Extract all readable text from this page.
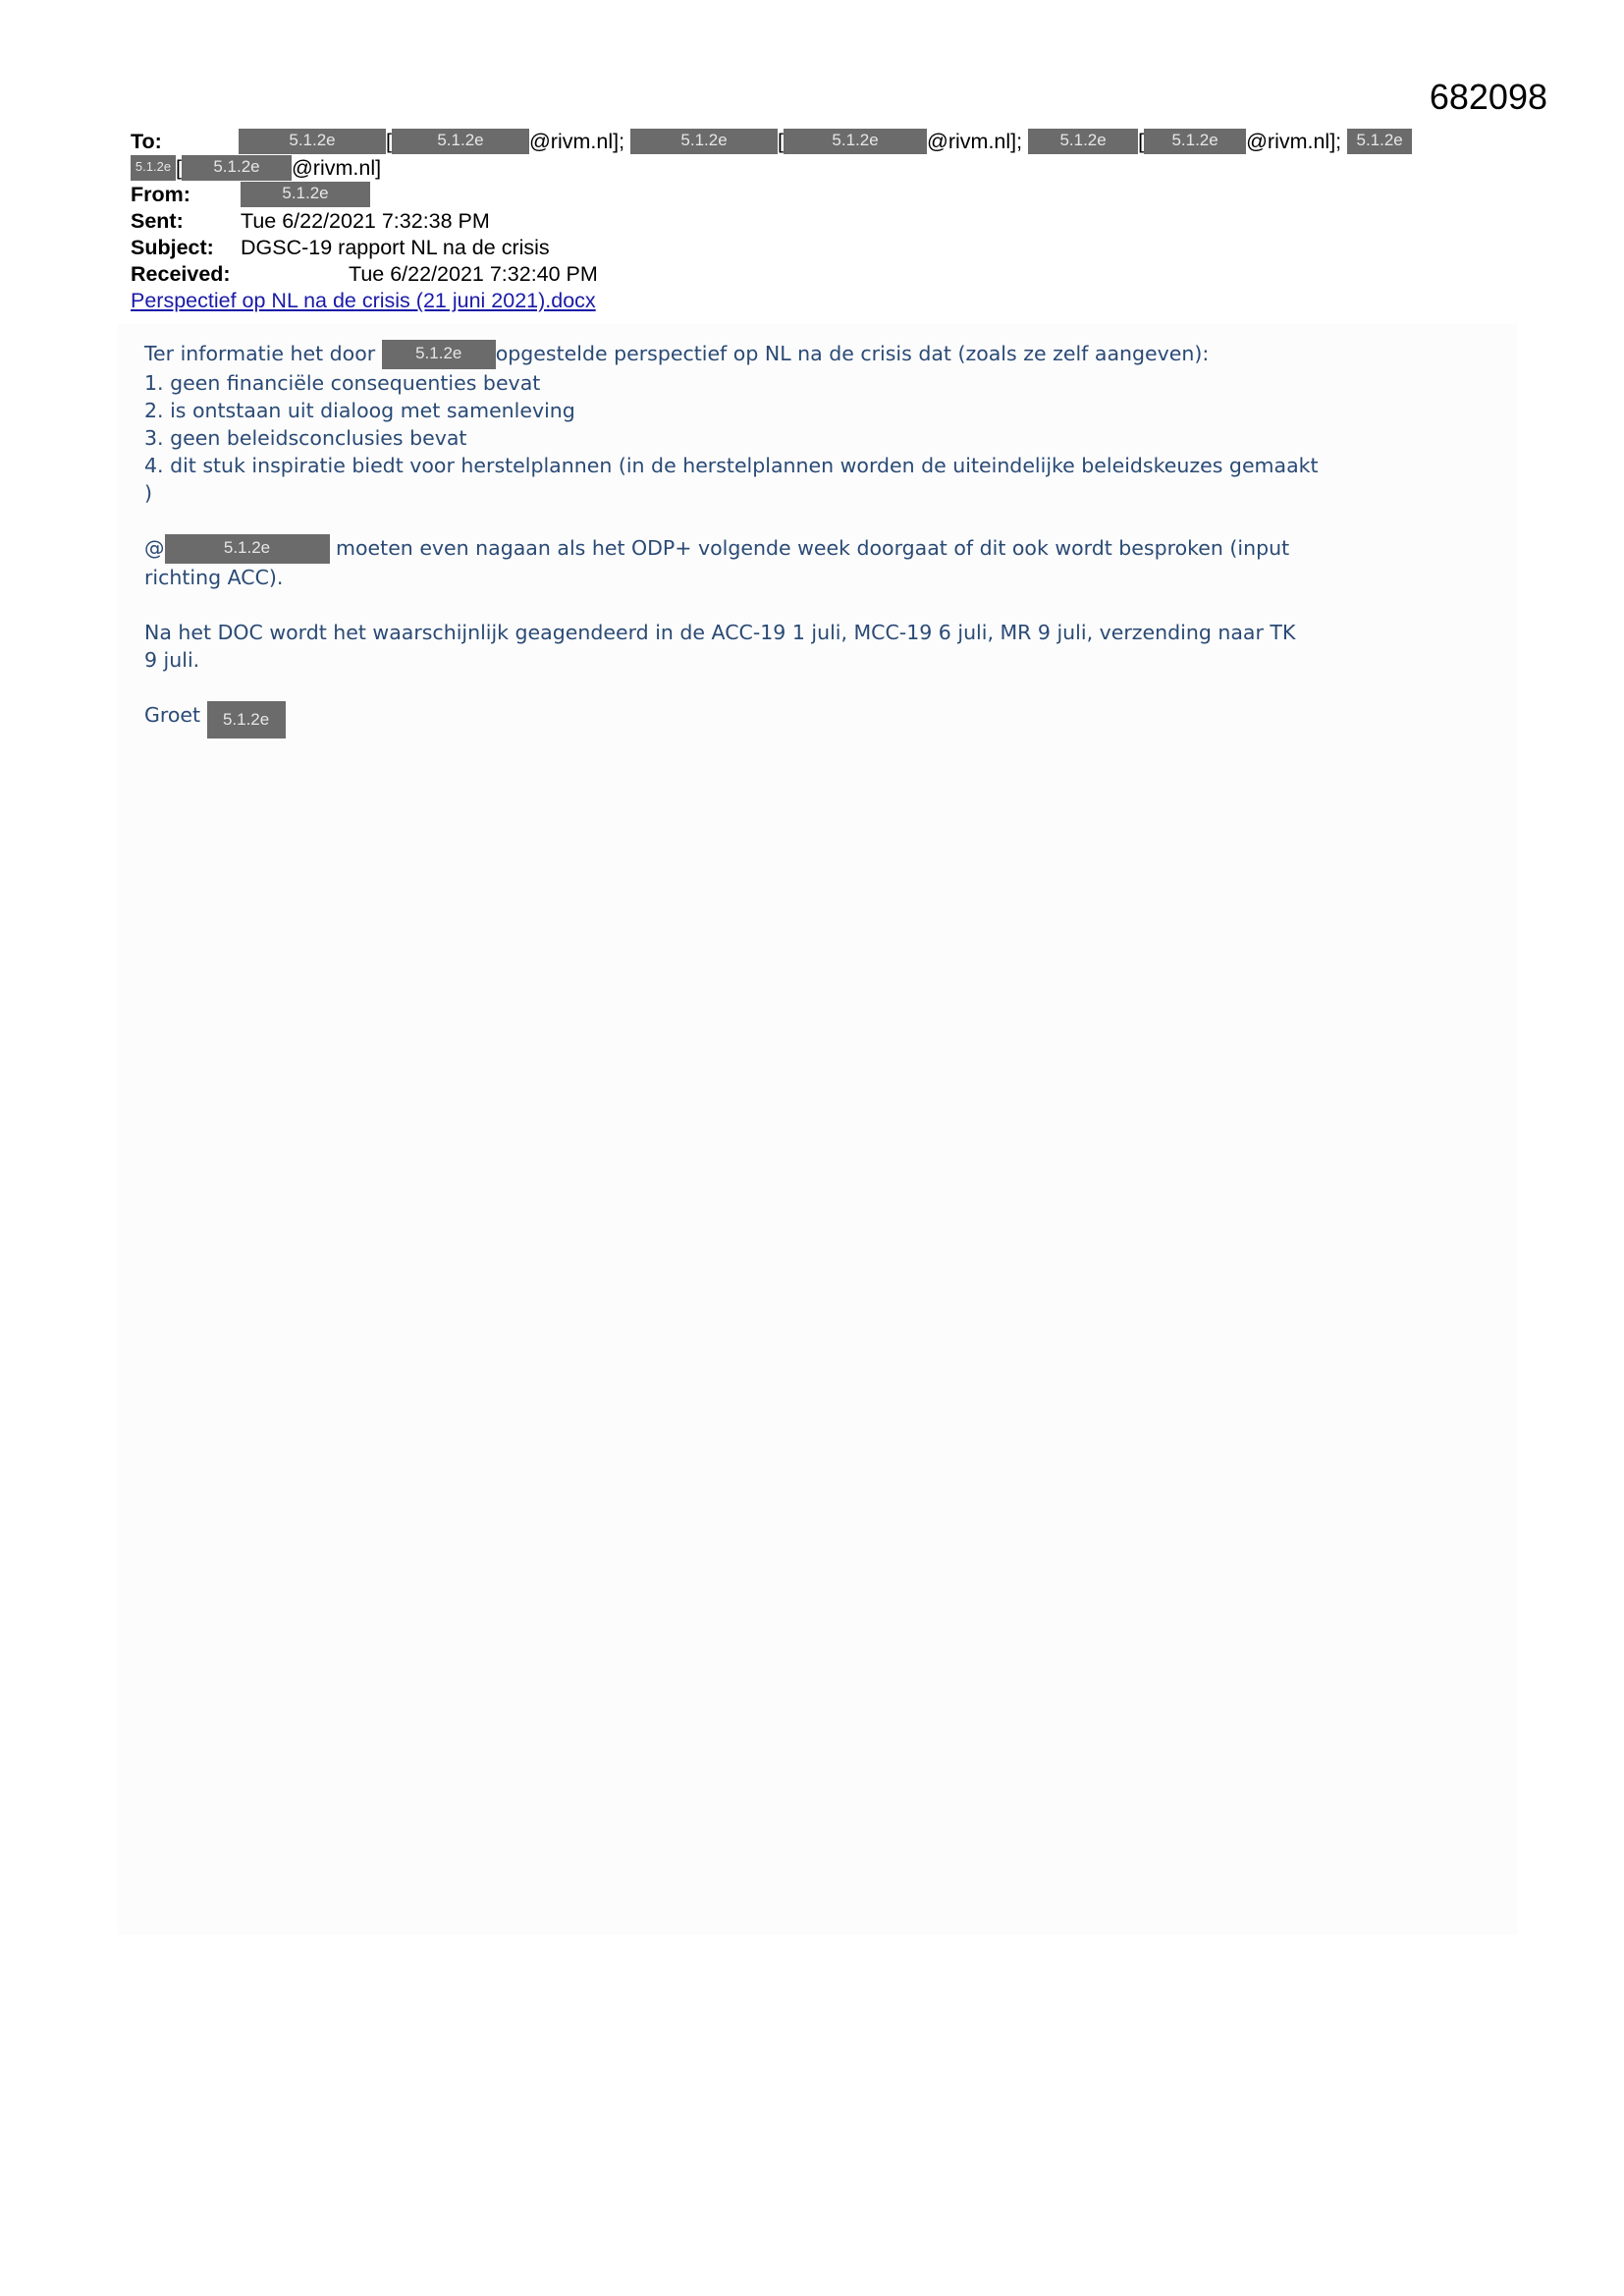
682098
To:	5.1.2e [	5.1.2e @rivm.nl];	5.1.2e [	5.1.2e @rivm.nl]; 5.1.2e [ 5.1.2e @rivm.nl]; 5.1.2e
5.1.2e [ 5.1.2e @rivm.nl]
From:	5.1.2e
Sent:	Tue 6/22/2021 7:32:38 PM
Subject: DGSC-19 rapport NL na de crisis
Received:	Tue 6/22/2021 7:32:40 PM
Perspectief op NL na de crisis (21 juni 2021).docx

Ter informatie het door 5.1.2e opgestelde perspectief op NL na de crisis dat (zoals ze zelf aangeven):

1. geen financiële consequenties bevat

2. is ontstaan uit dialoog met samenleving

3. geen beleidsconclusies bevat

4. dit stuk inspiratie biedt voor herstelplannen (in de herstelplannen worden de uiteindelijke beleidskeuzes gemaakt

)

@	5.1.2e	moeten even nagaan als het ODP+ volgende week doorgaat of dit ook wordt besproken (input

richting ACC).

Na het DOC wordt het waarschijnlijk geagendeerd in de ACC-19 1 juli, MCC-19 6 juli, MR 9 juli, verzending naar TK

9 juli.

Groet 5.1.2e
